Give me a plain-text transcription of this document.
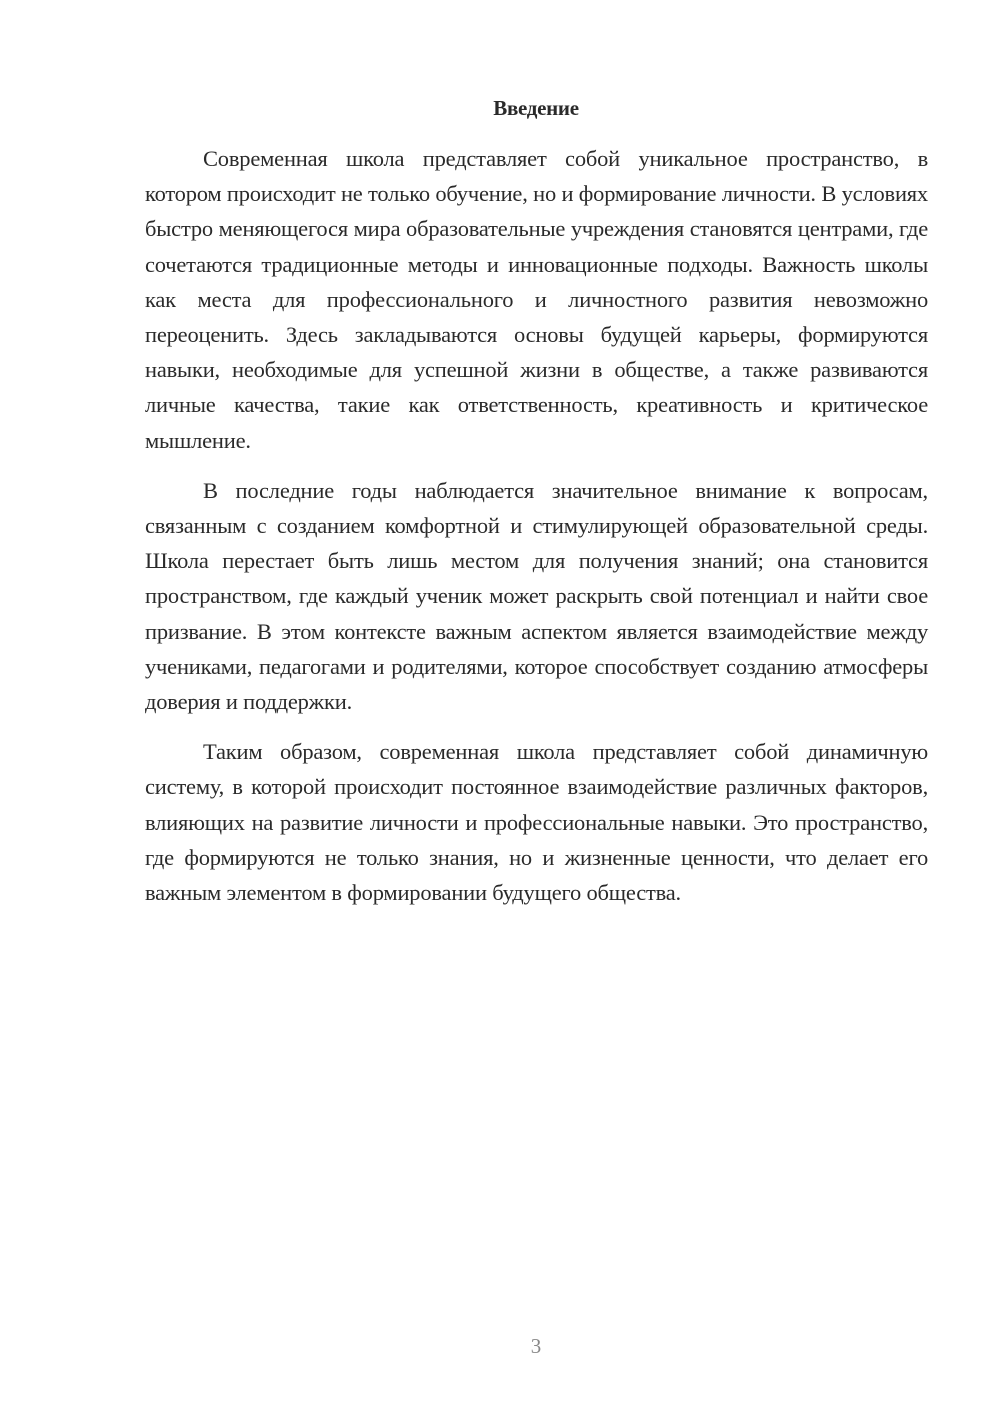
Введение

Современная школа представляет собой уникальное пространство, в котором происходит не только обучение, но и формирование личности. В условиях быстро меняющегося мира образовательные учреждения становятся центрами, где сочетаются традиционные методы и инновационные подходы. Важность школы как места для профессионального и личностного развития невозможно переоценить. Здесь закладываются основы будущей карьеры, формируются навыки, необходимые для успешной жизни в обществе, а также развиваются личные качества, такие как ответственность, креативность и критическое мышление.

В последние годы наблюдается значительное внимание к вопросам, связанным с созданием комфортной и стимулирующей образовательной среды. Школа перестает быть лишь местом для получения знаний; она становится пространством, где каждый ученик может раскрыть свой потенциал и найти свое призвание. В этом контексте важным аспектом является взаимодействие между учениками, педагогами и родителями, которое способствует созданию атмосферы доверия и поддержки.

Таким образом, современная школа представляет собой динамичную систему, в которой происходит постоянное взаимодействие различных факторов, влияющих на развитие личности и профессиональные навыки. Это пространство, где формируются не только знания, но и жизненные ценности, что делает его важным элементом в формировании будущего общества.

3
